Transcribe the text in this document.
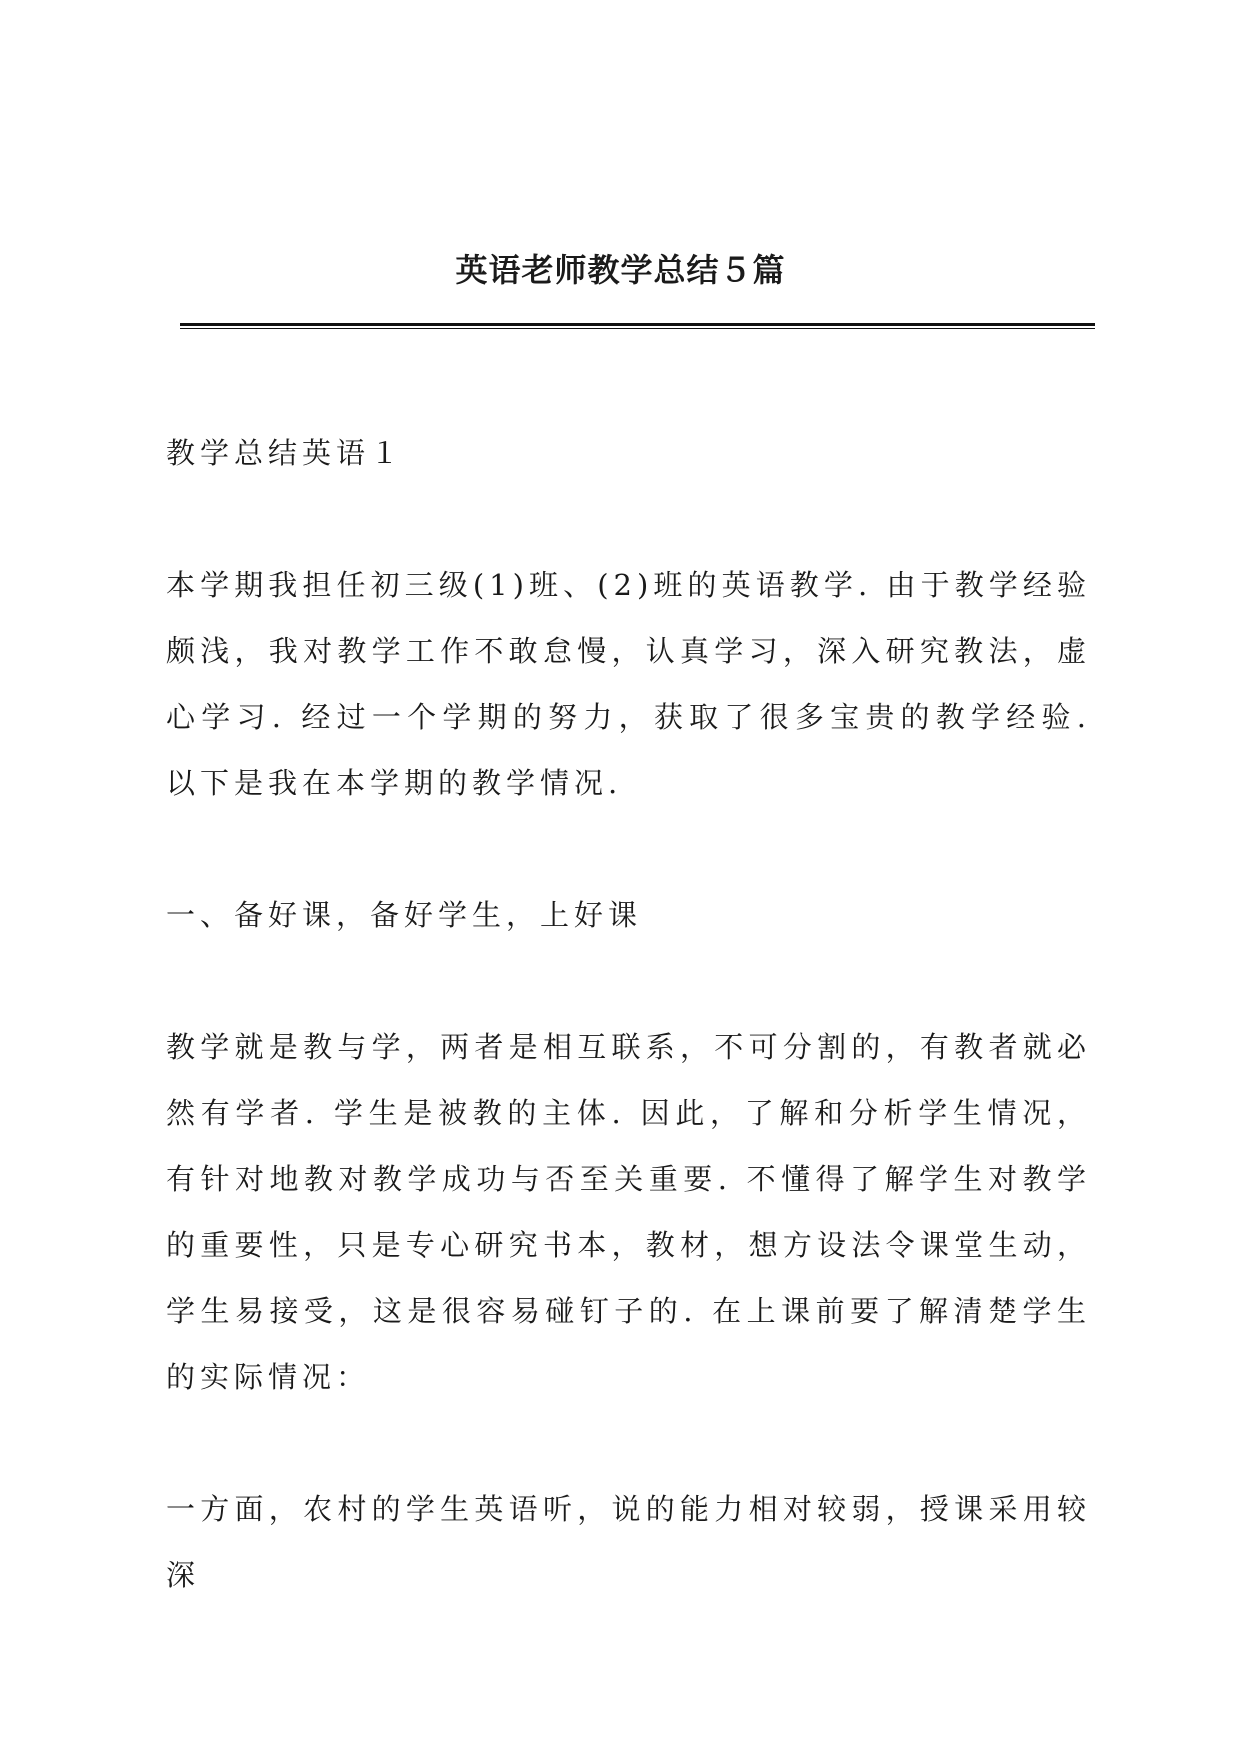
英语老师教学总结５篇

教学总结英语１

本学期我担任初三级(1)班、(2)班的英语教学. 由于教学经验颇浅，我对教学工作不敢怠慢，认真学习，深入研究教法，虚心学习. 经过一个学期的努力，获取了很多宝贵的教学经验. 以下是我在本学期的教学情况.

一、备好课，备好学生，上好课

教学就是教与学，两者是相互联系，不可分割的，有教者就必然有学者. 学生是被教的主体. 因此，了解和分析学生情况，有针对地教对教学成功与否至关重要. 不懂得了解学生对教学的重要性，只是专心研究书本，教材，想方设法令课堂生动，学生易接受，这是很容易碰钉子的. 在上课前要了解清楚学生的实际情况：

一方面，农村的学生英语听，说的能力相对较弱，授课采用较深
